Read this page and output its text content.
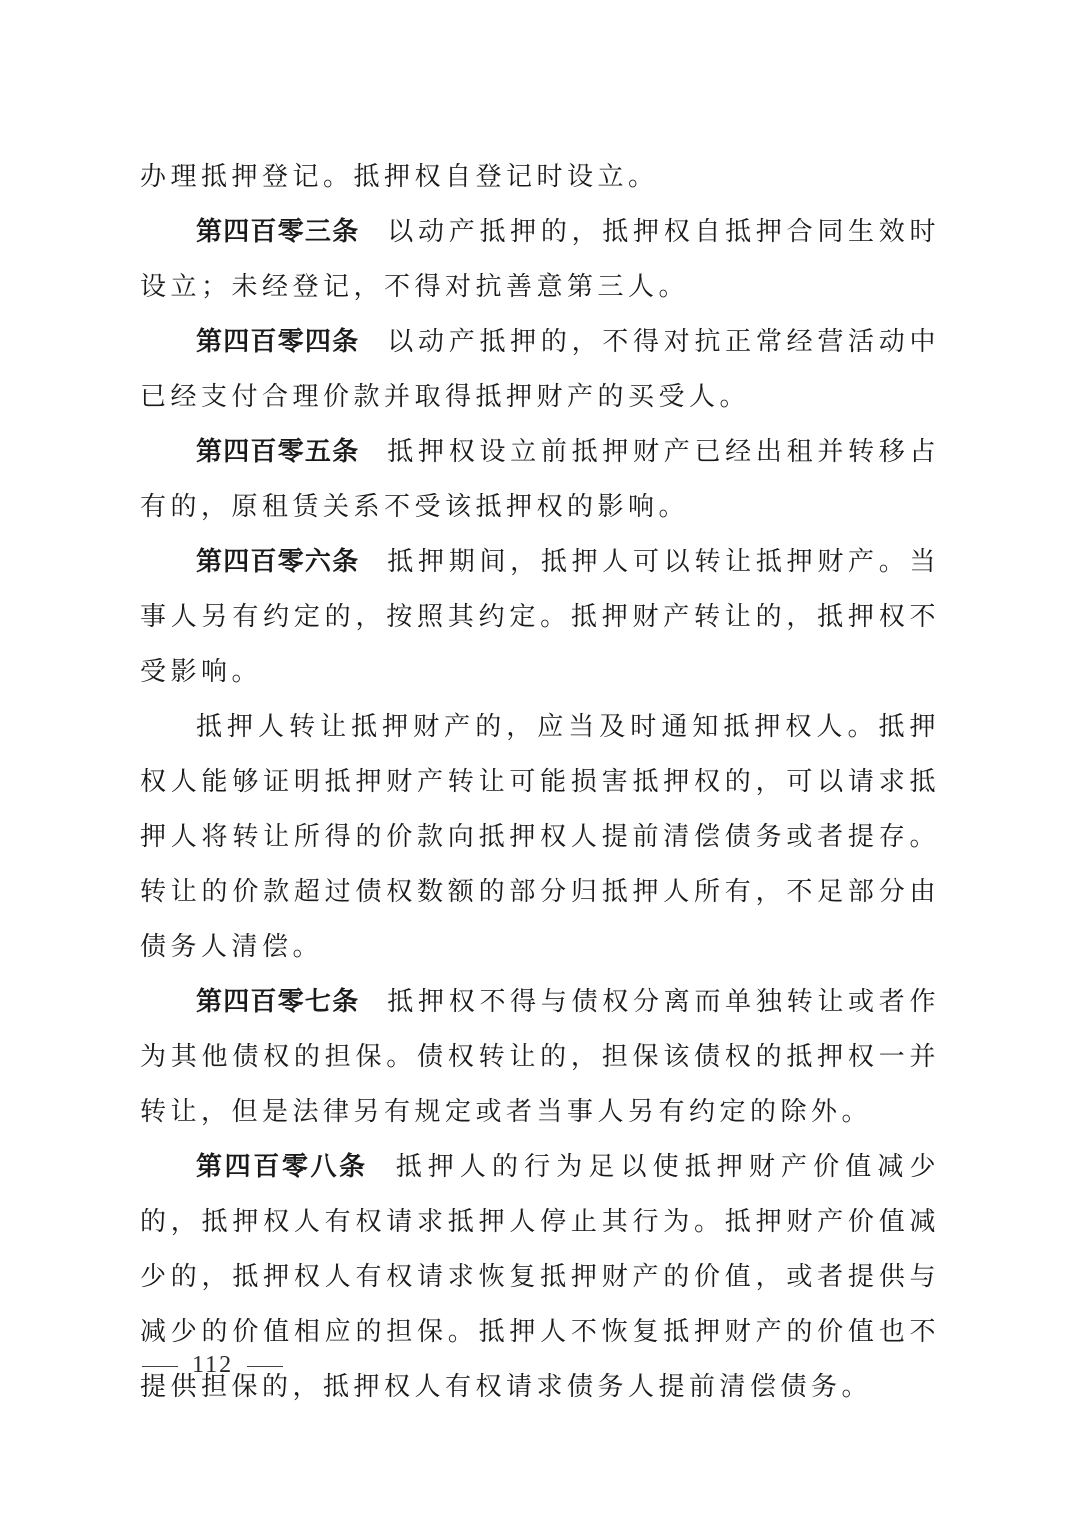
办理抵押登记。抵押权自登记时设立。

第四百零三条 以动产抵押的，抵押权自抵押合同生效时设立；未经登记，不得对抗善意第三人。

第四百零四条 以动产抵押的，不得对抗正常经营活动中已经支付合理价款并取得抵押财产的买受人。

第四百零五条 抵押权设立前抵押财产已经出租并转移占有的，原租赁关系不受该抵押权的影响。

第四百零六条 抵押期间，抵押人可以转让抵押财产。当事人另有约定的，按照其约定。抵押财产转让的，抵押权不受影响。

抵押人转让抵押财产的，应当及时通知抵押权人。抵押权人能够证明抵押财产转让可能损害抵押权的，可以请求抵押人将转让所得的价款向抵押权人提前清偿债务或者提存。转让的价款超过债权数额的部分归抵押人所有，不足部分由债务人清偿。

第四百零七条 抵押权不得与债权分离而单独转让或者作为其他债权的担保。债权转让的，担保该债权的抵押权一并转让，但是法律另有规定或者当事人另有约定的除外。

第四百零八条 抵押人的行为足以使抵押财产价值减少的，抵押权人有权请求抵押人停止其行为。抵押财产价值减少的，抵押权人有权请求恢复抵押财产的价值，或者提供与减少的价值相应的担保。抵押人不恢复抵押财产的价值也不提供担保的，抵押权人有权请求债务人提前清偿债务。

112
